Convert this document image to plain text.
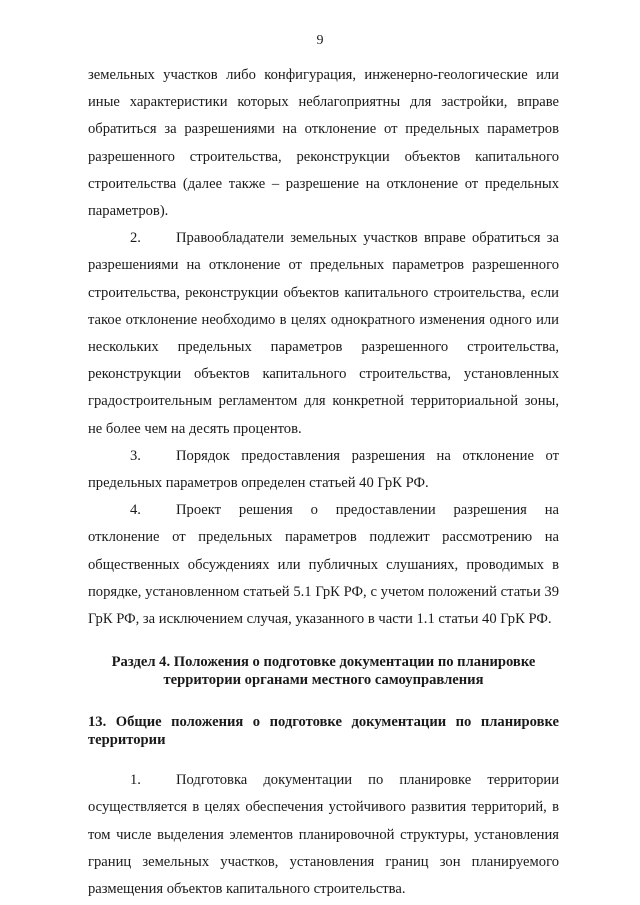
9

земельных участков либо конфигурация, инженерно-геологические или иные характеристики которых неблагоприятны для застройки, вправе обратиться за разрешениями на отклонение от предельных параметров разрешенного строительства, реконструкции объектов капитального строительства (далее также – разрешение на отклонение от предельных параметров).

2. Правообладатели земельных участков вправе обратиться за разрешениями на отклонение от предельных параметров разрешенного строительства, реконструкции объектов капитального строительства, если такое отклонение необходимо в целях однократного изменения одного или нескольких предельных параметров разрешенного строительства, реконструкции объектов капитального строительства, установленных градостроительным регламентом для конкретной территориальной зоны, не более чем на десять процентов.

3. Порядок предоставления разрешения на отклонение от предельных параметров определен статьей 40 ГрК РФ.

4. Проект решения о предоставлении разрешения на отклонение от предельных параметров подлежит рассмотрению на общественных обсуждениях или публичных слушаниях, проводимых в порядке, установленном статьей 5.1 ГрК РФ, с учетом положений статьи 39 ГрК РФ, за исключением случая, указанного в части 1.1 статьи 40 ГрК РФ.

Раздел 4. Положения о подготовке документации по планировке
территории органами местного самоуправления
13. Общие положения о подготовке документации по планировке территории

1. Подготовка документации по планировке территории осуществляется в целях обеспечения устойчивого развития территорий, в том числе выделения элементов планировочной структуры, установления границ земельных участков, установления границ зон планируемого размещения объектов капитального строительства.
